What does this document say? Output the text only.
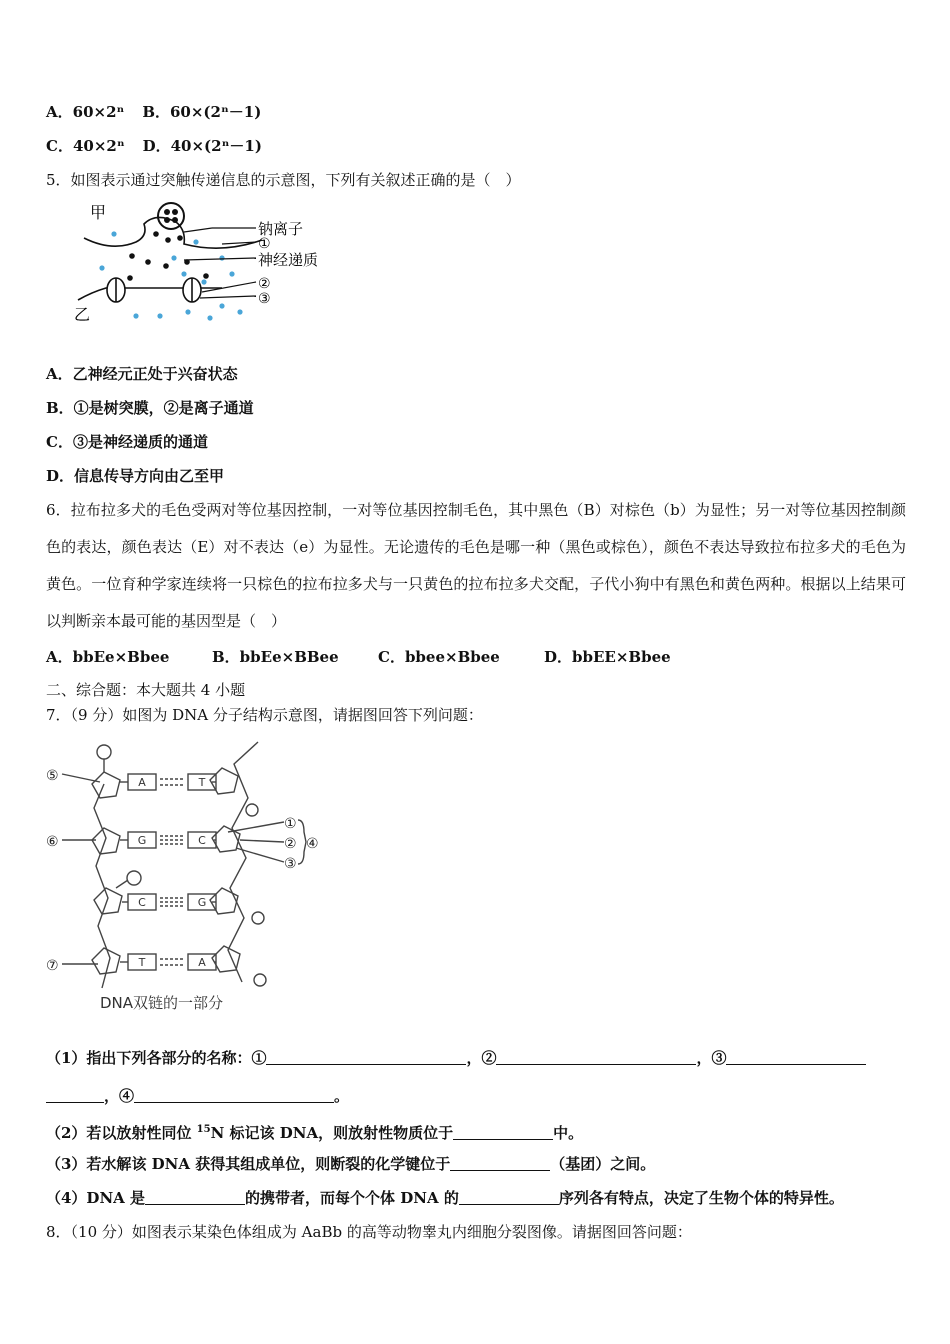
A．60×2ⁿ B．60×(2ⁿ－1)
C．40×2ⁿ D．40×(2ⁿ－1)
5．如图表示通过突触传递信息的示意图，下列有关叙述正确的是（　）
甲
钠离子
①
神经递质
②
③
乙
A．乙神经元正处于兴奋状态
B．①是树突膜，②是离子通道
C．③是神经递质的通道
D．信息传导方向由乙至甲
6．拉布拉多犬的毛色受两对等位基因控制，一对等位基因控制毛色，其中黑色（B）对棕色（b）为显性；另一对等位基因控制颜色的表达，颜色表达（E）对不表达（e）为显性。无论遗传的毛色是哪一种（黑色或棕色），颜色不表达导致拉布拉多犬的毛色为黄色。一位育种学家连续将一只棕色的拉布拉多犬与一只黄色的拉布拉多犬交配，子代小狗中有黑色和黄色两种。根据以上结果可以判断亲本最可能的基因型是（　）
A．bbEe×Bbee	B．bbEe×BBee	C．bbee×Bbee	D．bbEE×Bbee
二、综合题：本大题共 4 小题
7．（9 分）如图为 DNA 分子结构示意图，请据图回答下列问题：
A	T
G	C
C	G
T	A
⑤
⑥
⑦
①
②
③
④
DNA双链的一部分
（1）指出下列各部分的名称：①	，②	，③
，④	。
（2）若以放射性同位 $^{15}$N 标记该 DNA，则放射性物质位于	中。
（3）若水解该 DNA 获得其组成单位，则断裂的化学键位于	（基团）之间。
（4）DNA 是	的携带者，而每个个体 DNA 的	序列各有特点，决定了生物个体的特异性。
8．（10 分）如图表示某染色体组成为 AaBb 的高等动物睾丸内细胞分裂图像。请据图回答问题：
